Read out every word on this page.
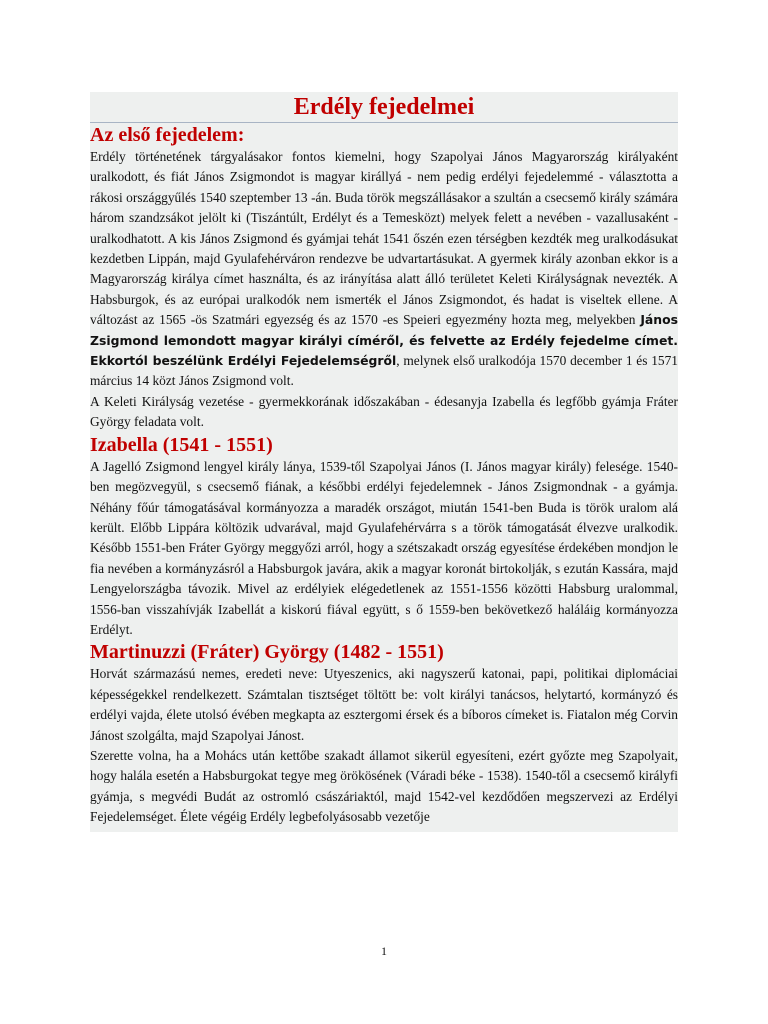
Erdély fejedelmei
Az első fejedelem:

Erdély történetének tárgyalásakor fontos kiemelni, hogy Szapolyai János Magyarország királyaként uralkodott, és fiát János Zsigmondot is magyar királlyá - nem pedig erdélyi fejedelemmé - választotta a rákosi országgyűlés 1540 szeptember 13 -án. Buda török megszállásakor a szultán a csecsemő király számára három szandzsákot jelölt ki (Tiszántúlt, Erdélyt és a Temesközt) melyek felett a nevében - vazallusaként - uralkodhatott. A kis János Zsigmond és gyámjai tehát 1541 őszén ezen térségben kezdték meg uralkodásukat kezdetben Lippán, majd Gyulafehérváron rendezve be udvartartásukat. A gyermek király azonban ekkor is a Magyarország királya címet használta, és az irányítása alatt álló területet Keleti Királyságnak nevezték. A Habsburgok, és az európai uralkodók nem ismerték el János Zsigmondot, és hadat is viseltek ellene. A változást az 1565 -ös Szatmári egyezség és az 1570 -es Speieri egyezmény hozta meg, melyekben János Zsigmond lemondott magyar királyi címéről, és felvette az Erdély fejedelme címet. Ekkortól beszélünk Erdélyi Fejedelemségről, melynek első uralkodója 1570 december 1 és 1571 március 14 közt János Zsigmond volt.

A Keleti Királyság vezetése - gyermekkorának időszakában - édesanyja Izabella és legfőbb gyámja Fráter György feladata volt.

Izabella (1541 - 1551)

A Jagelló Zsigmond lengyel király lánya, 1539-től Szapolyai János (I. János magyar király) felesége. 1540-ben megözvegyül, s csecsemő fiának, a későbbi erdélyi fejedelemnek - János Zsigmondnak - a gyámja. Néhány főúr támogatásával kormányozza a maradék országot, miután 1541-ben Buda is török uralom alá került. Előbb Lippára költözik udvarával, majd Gyulafehérvárra s a török támogatását élvezve uralkodik. Később 1551-ben Fráter György meggyőzi arról, hogy a szétszakadt ország egyesítése érdekében mondjon le fia nevében a kormányzásról a Habsburgok javára, akik a magyar koronát birtokolják, s ezután Kassára, majd Lengyelországba távozik. Mivel az erdélyiek elégedetlenek az 1551-1556 közötti Habsburg uralommal, 1556-ban visszahívják Izabellát a kiskorú fiával együtt, s ő 1559-ben bekövetkező haláláig kormányozza Erdélyt.

Martinuzzi (Fráter) György (1482 - 1551)

Horvát származású nemes, eredeti neve: Utyeszenics, aki nagyszerű katonai, papi, politikai diplomáciai képességekkel rendelkezett. Számtalan tisztséget töltött be: volt királyi tanácsos, helytartó, kormányzó és erdélyi vajda, élete utolsó évében megkapta az esztergomi érsek és a bíboros címeket is. Fiatalon még Corvin Jánost szolgálta, majd Szapolyai Jánost.

Szerette volna, ha a Mohács után kettőbe szakadt államot sikerül egyesíteni, ezért győzte meg Szapolyait, hogy halála esetén a Habsburgokat tegye meg örökösének (Váradi béke - 1538). 1540-től a csecsemő királyfi gyámja, s megvédi Budát az ostromló császáriaktól, majd 1542-vel kezdődően megszervezi az Erdélyi Fejedelemséget. Élete végéig Erdély legbefolyásosabb vezetője

1
